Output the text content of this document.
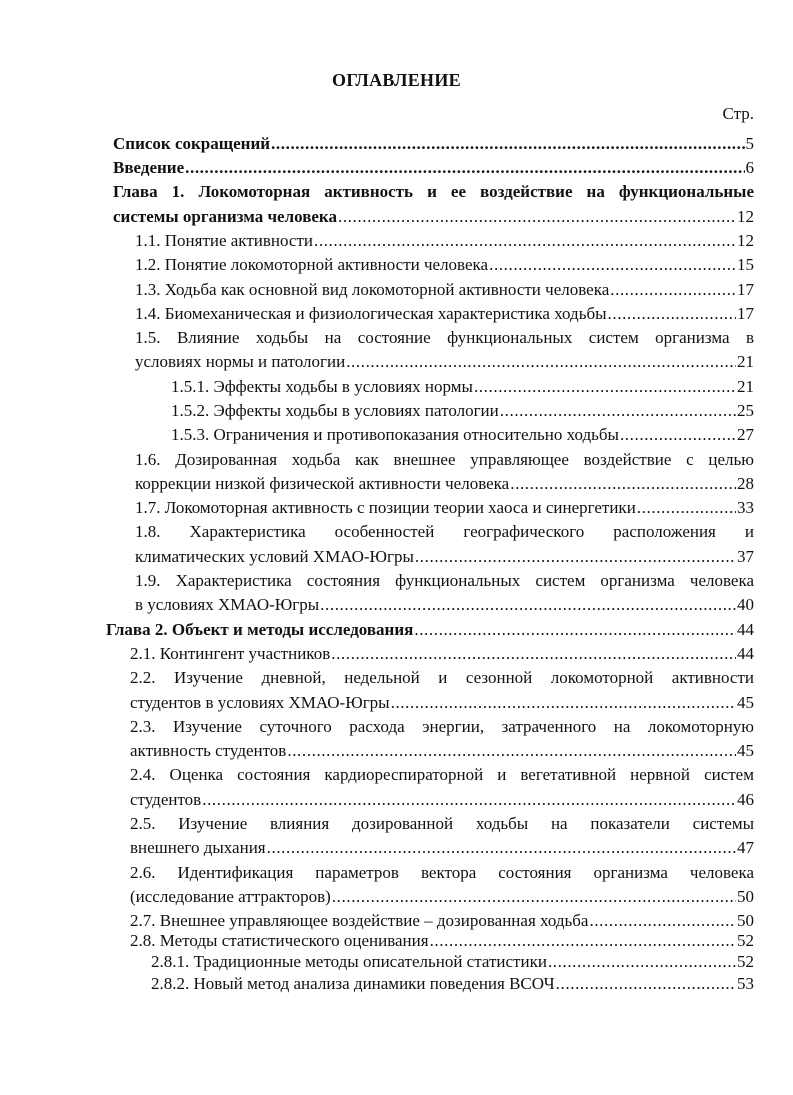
ОГЛАВЛЕНИЕ
Стр.
Список сокращений .....	5
Введение .....	6
Глава 1. Локомоторная активность и ее воздействие на функциональные
системы организма человека .....	12
1.1. Понятие активности .....	12
1.2. Понятие локомоторной активности человека .....	15
1.3. Ходьба как основной вид локомоторной активности человека .....	17
1.4. Биомеханическая и физиологическая характеристика ходьбы .....	17
1.5. Влияние ходьбы на состояние функциональных систем организма в
условиях нормы и патологии .....	21
1.5.1. Эффекты ходьбы в условиях нормы .....	21
1.5.2. Эффекты ходьбы в условиях патологии .....	25
1.5.3. Ограничения и противопоказания относительно ходьбы .....	27
1.6. Дозированная ходьба как внешнее управляющее воздействие с целью
коррекции низкой физической активности человека .....	28
1.7. Локомоторная активность с позиции теории хаоса и синергетики .....	33
1.8. Характеристика особенностей географического расположения и
климатических условий ХМАО-Югры .....	37
1.9. Характеристика состояния функциональных систем организма человека
в условиях ХМАО-Югры .....	40
Глава 2. Объект и методы исследования .....	44
2.1. Контингент участников .....	44
2.2. Изучение дневной, недельной и сезонной локомоторной активности
студентов в условиях ХМАО-Югры .....	45
2.3. Изучение суточного расхода энергии, затраченного на локомоторную
активность студентов .....	45
2.4. Оценка состояния кардиореспираторной и вегетативной нервной систем
студентов .....	46
2.5. Изучение влияния дозированной ходьбы на показатели системы
внешнего дыхания .....	47
2.6. Идентификация параметров вектора состояния организма человека
(исследование аттракторов) .....	50
2.7. Внешнее управляющее воздействие – дозированная ходьба .....	50
2.8. Методы статистического оценивания .....	52
2.8.1. Традиционные методы описательной статистики .....	52
2.8.2. Новый метод анализа динамики поведения ВСОЧ .....	53
